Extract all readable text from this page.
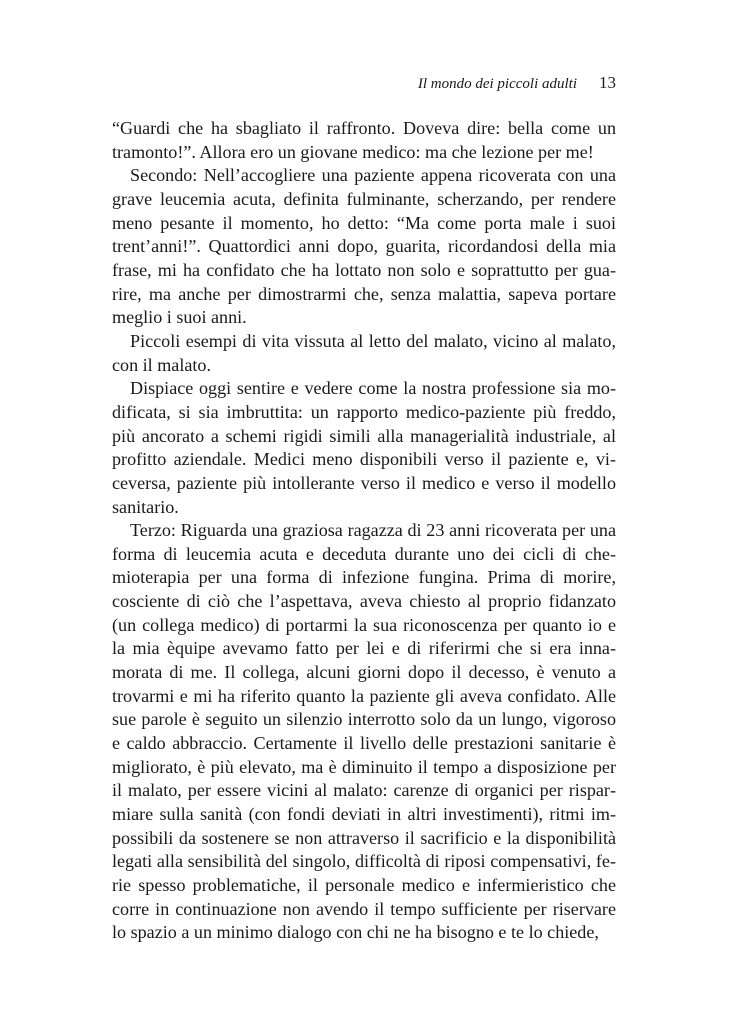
Il mondo dei piccoli adulti 13

“Guardi che ha sbagliato il raffronto. Doveva dire: bella come un tramonto!”. Allora ero un giovane medico: ma che lezione per me!

Secondo: Nell’accogliere una paziente appena ricoverata con una grave leucemia acuta, definita fulminante, scherzando, per rendere meno pesante il momento, ho detto: “Ma come porta male i suoi trent’anni!”. Quattordici anni dopo, guarita, ricordandosi della mia frase, mi ha confidato che ha lottato non solo e soprattutto per guarire, ma anche per dimostrarmi che, senza malattia, sapeva portare meglio i suoi anni.

Piccoli esempi di vita vissuta al letto del malato, vicino al malato, con il malato.

Dispiace oggi sentire e vedere come la nostra professione sia modificata, si sia imbruttita: un rapporto medico-paziente più freddo, più ancorato a schemi rigidi simili alla managerialità industriale, al profitto aziendale. Medici meno disponibili verso il paziente e, viceversa, paziente più intollerante verso il medico e verso il modello sanitario.

Terzo: Riguarda una graziosa ragazza di 23 anni ricoverata per una forma di leucemia acuta e deceduta durante uno dei cicli di chemioterapia per una forma di infezione fungina. Prima di morire, cosciente di ciò che l’aspettava, aveva chiesto al proprio fidanzato (un collega medico) di portarmi la sua riconoscenza per quanto io e la mia èquipe avevamo fatto per lei e di riferirmi che si era innamorata di me. Il collega, alcuni giorni dopo il decesso, è venuto a trovarmi e mi ha riferito quanto la paziente gli aveva confidato. Alle sue parole è seguito un silenzio interrotto solo da un lungo, vigoroso e caldo abbraccio. Certamente il livello delle prestazioni sanitarie è migliorato, è più elevato, ma è diminuito il tempo a disposizione per il malato, per essere vicini al malato: carenze di organici per risparmiare sulla sanità (con fondi deviati in altri investimenti), ritmi impossibili da sostenere se non attraverso il sacrificio e la disponibilità legati alla sensibilità del singolo, difficoltà di riposi compensativi, ferie spesso problematiche, il personale medico e infermieristico che corre in continuazione non avendo il tempo sufficiente per riservare lo spazio a un minimo dialogo con chi ne ha bisogno e te lo chiede,
